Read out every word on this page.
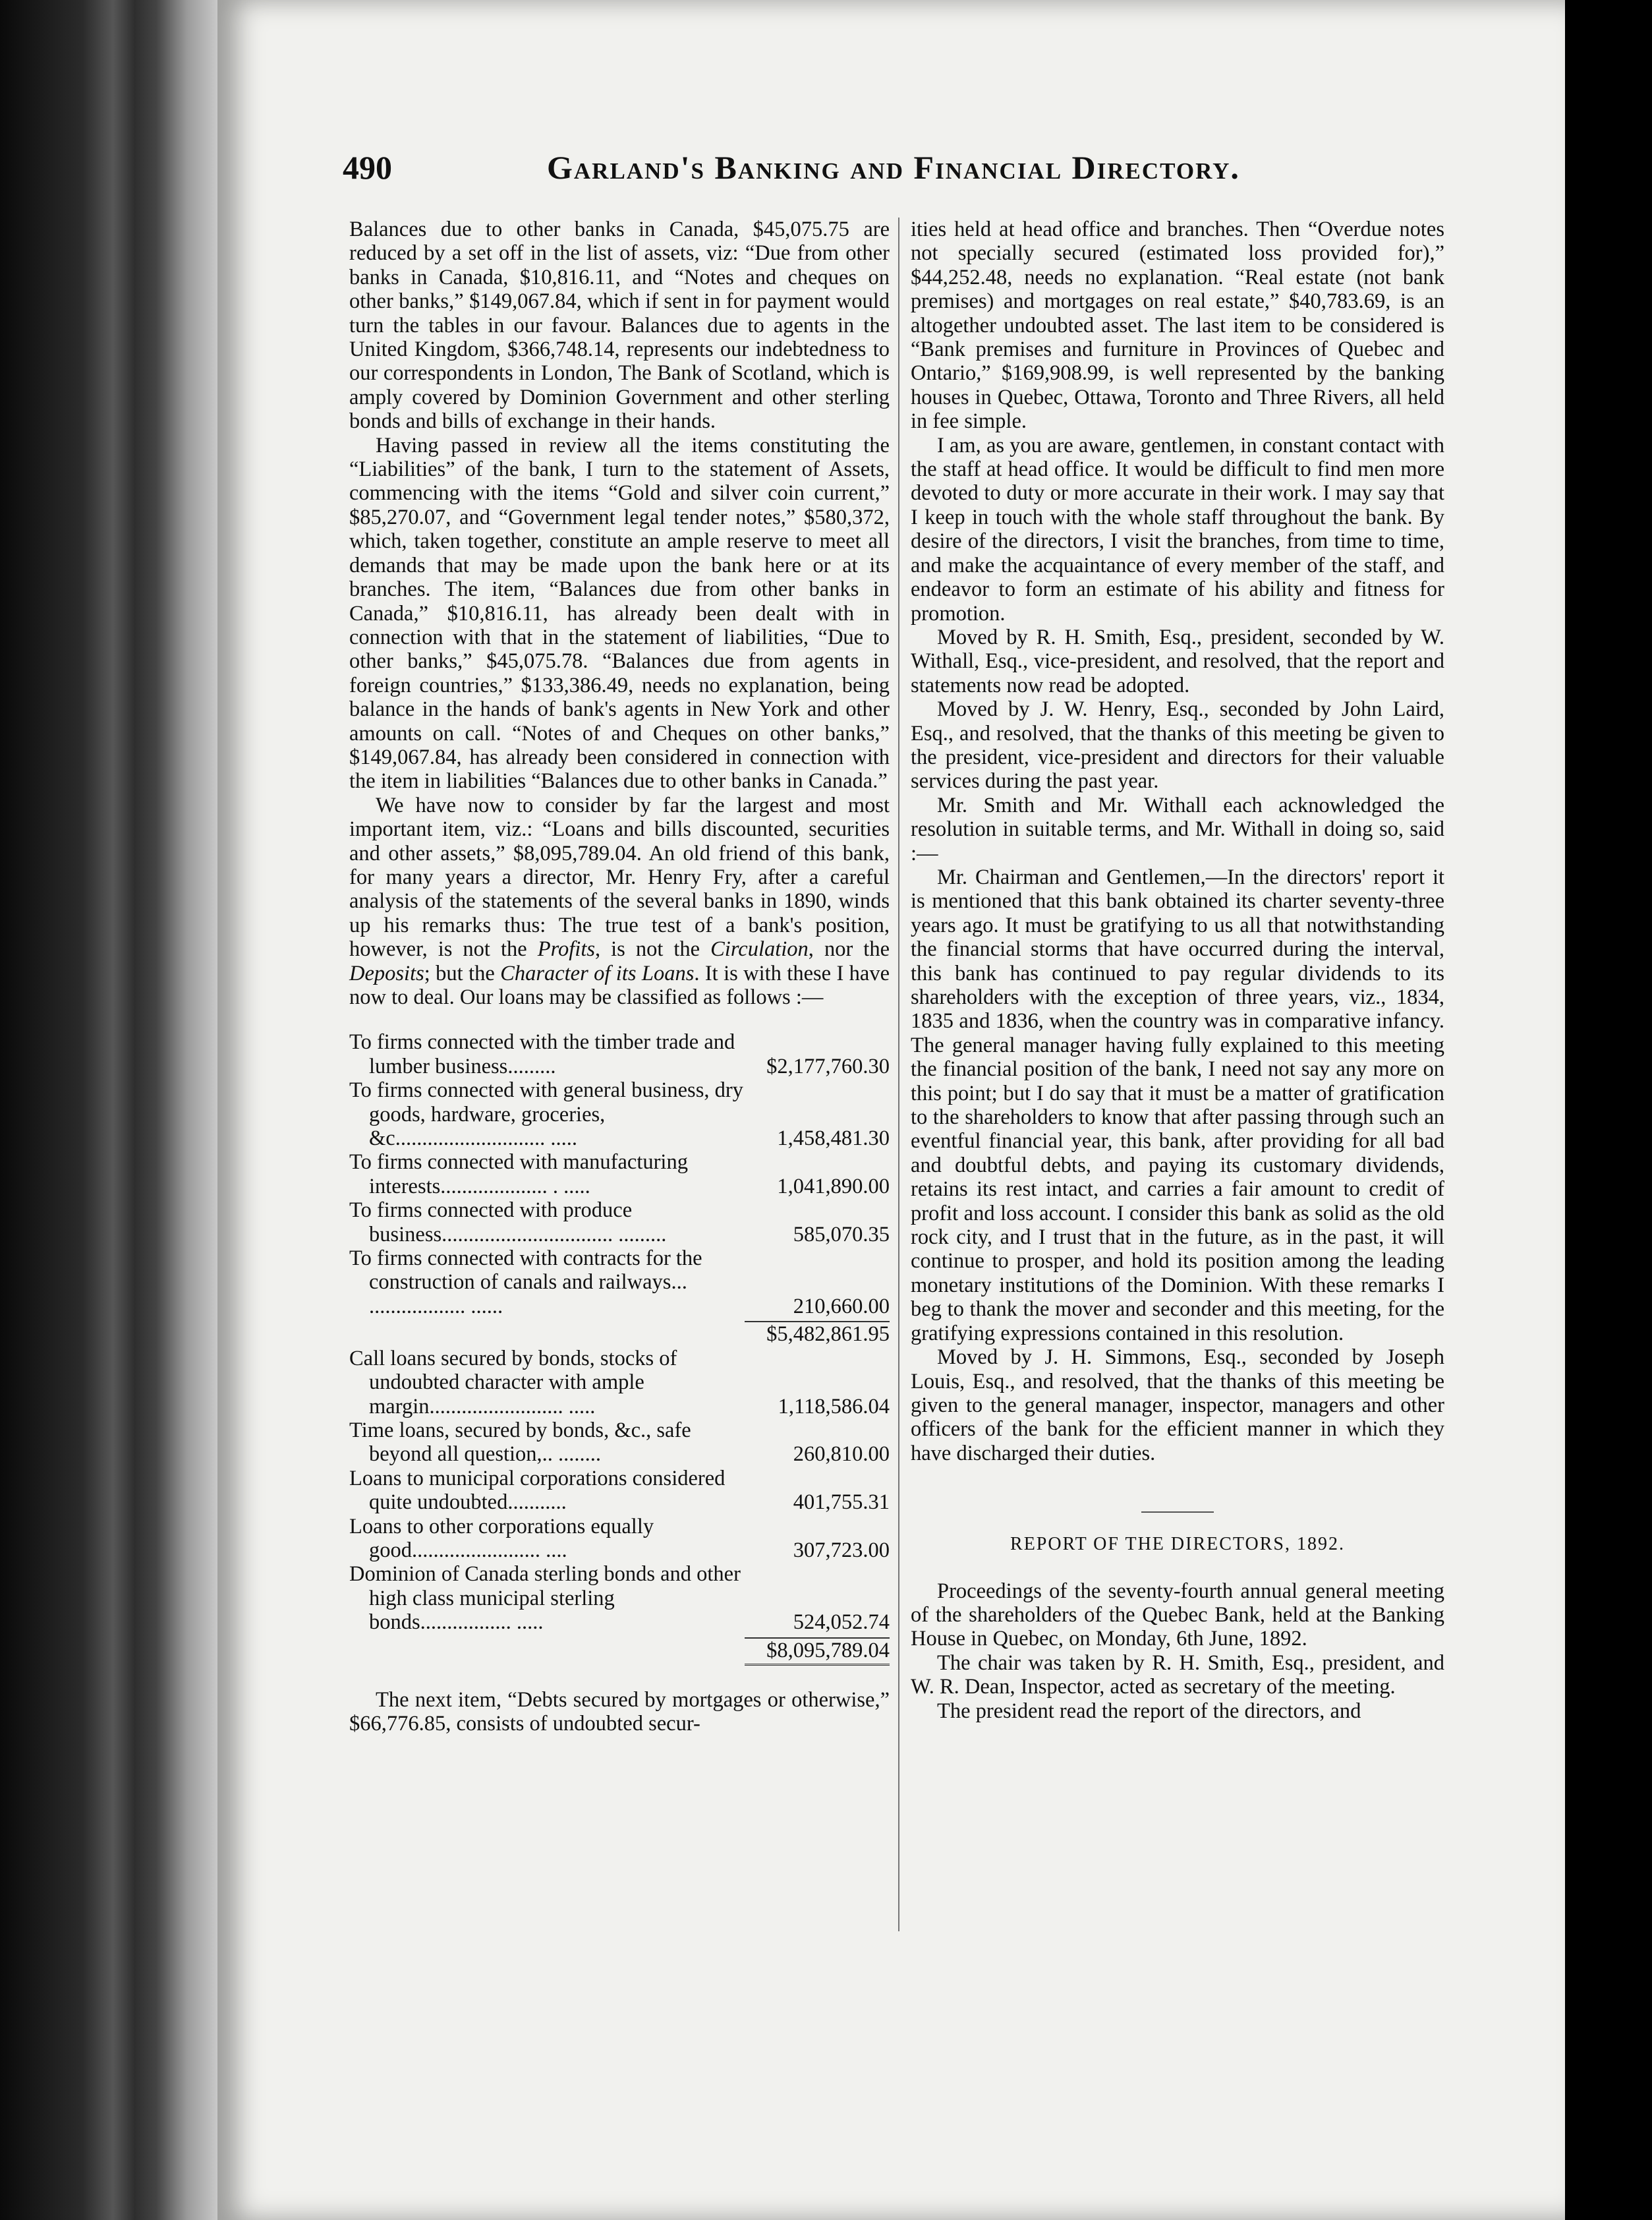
490	Garland's Banking and Financial Directory.

Balances due to other banks in Canada, $45,075.75 are reduced by a set off in the list of assets, viz: “Due from other banks in Canada, $10,816.11, and “Notes and cheques on other banks,” $149,067.84, which if sent in for payment would turn the tables in our favour. Balances due to agents in the United Kingdom, $366,748.14, represents our indebtedness to our correspondents in London, The Bank of Scotland, which is amply covered by Dominion Government and other sterling bonds and bills of exchange in their hands.

Having passed in review all the items constituting the “Liabilities” of the bank, I turn to the statement of Assets, commencing with the items “Gold and silver coin current,” $85,270.07, and “Government legal tender notes,” $580,372, which, taken together, constitute an ample reserve to meet all demands that may be made upon the bank here or at its branches. The item, “Balances due from other banks in Canada,” $10,816.11, has already been dealt with in connection with that in the statement of liabilities, “Due to other banks,” $45,075.78. “Balances due from agents in foreign countries,” $133,386.49, needs no explanation, being balance in the hands of bank's agents in New York and other amounts on call. “Notes of and Cheques on other banks,” $149,067.84, has already been considered in connection with the item in liabilities “Balances due to other banks in Canada.”

We have now to consider by far the largest and most important item, viz.: “Loans and bills discounted, securities and other assets,” $8,095,789.04. An old friend of this bank, for many years a director, Mr. Henry Fry, after a careful analysis of the statements of the several banks in 1890, winds up his remarks thus: The true test of a bank's position, however, is not the Profits, is not the Circulation, nor the Deposits; but the Character of its Loans. It is with these I have now to deal. Our loans may be classified as follows :—

To firms connected with the timber trade and lumber business.........	$2,177,760.30
To firms connected with general business, dry goods, hardware, groceries, &c............................ .....	1,458,481.30
To firms connected with manufacturing interests.................... . .....	1,041,890.00
To firms connected with produce business................................ .........	585,070.35
To firms connected with contracts for the construction of canals and railways... .................. ......	210,660.00
$5,482,861.95
Call loans secured by bonds, stocks of undoubted character with ample margin......................... .....	1,118,586.04
Time loans, secured by bonds, &c., safe beyond all question,.. ........	260,810.00
Loans to municipal corporations considered quite undoubted...........	401,755.31
Loans to other corporations equally good........................ ....	307,723.00
Dominion of Canada sterling bonds and other high class municipal sterling bonds................. .....	524,052.74
$8,095,789.04

The next item, “Debts secured by mortgages or otherwise,” $66,776.85, consists of undoubted secur-

ities held at head office and branches. Then “Overdue notes not specially secured (estimated loss provided for),” $44,252.48, needs no explanation. “Real estate (not bank premises) and mortgages on real estate,” $40,783.69, is an altogether undoubted asset. The last item to be considered is “Bank premises and furniture in Provinces of Quebec and Ontario,” $169,908.99, is well represented by the banking houses in Quebec, Ottawa, Toronto and Three Rivers, all held in fee simple.

I am, as you are aware, gentlemen, in constant contact with the staff at head office. It would be difficult to find men more devoted to duty or more accurate in their work. I may say that I keep in touch with the whole staff throughout the bank. By desire of the directors, I visit the branches, from time to time, and make the acquaintance of every member of the staff, and endeavor to form an estimate of his ability and fitness for promotion.

Moved by R. H. Smith, Esq., president, seconded by W. Withall, Esq., vice-president, and resolved, that the report and statements now read be adopted.

Moved by J. W. Henry, Esq., seconded by John Laird, Esq., and resolved, that the thanks of this meeting be given to the president, vice-president and directors for their valuable services during the past year.

Mr. Smith and Mr. Withall each acknowledged the resolution in suitable terms, and Mr. Withall in doing so, said :—

Mr. Chairman and Gentlemen,—In the directors' report it is mentioned that this bank obtained its charter seventy-three years ago. It must be gratifying to us all that notwithstanding the financial storms that have occurred during the interval, this bank has continued to pay regular dividends to its shareholders with the exception of three years, viz., 1834, 1835 and 1836, when the country was in comparative infancy. The general manager having fully explained to this meeting the financial position of the bank, I need not say any more on this point; but I do say that it must be a matter of gratification to the shareholders to know that after passing through such an eventful financial year, this bank, after providing for all bad and doubtful debts, and paying its customary dividends, retains its rest intact, and carries a fair amount to credit of profit and loss account. I consider this bank as solid as the old rock city, and I trust that in the future, as in the past, it will continue to prosper, and hold its position among the leading monetary institutions of the Dominion. With these remarks I beg to thank the mover and seconder and this meeting, for the gratifying expressions contained in this resolution.

Moved by J. H. Simmons, Esq., seconded by Joseph Louis, Esq., and resolved, that the thanks of this meeting be given to the general manager, inspector, managers and other officers of the bank for the efficient manner in which they have discharged their duties.

REPORT OF THE DIRECTORS, 1892.

Proceedings of the seventy-fourth annual general meeting of the shareholders of the Quebec Bank, held at the Banking House in Quebec, on Monday, 6th June, 1892.

The chair was taken by R. H. Smith, Esq., president, and W. R. Dean, Inspector, acted as secretary of the meeting.

The president read the report of the directors, and
